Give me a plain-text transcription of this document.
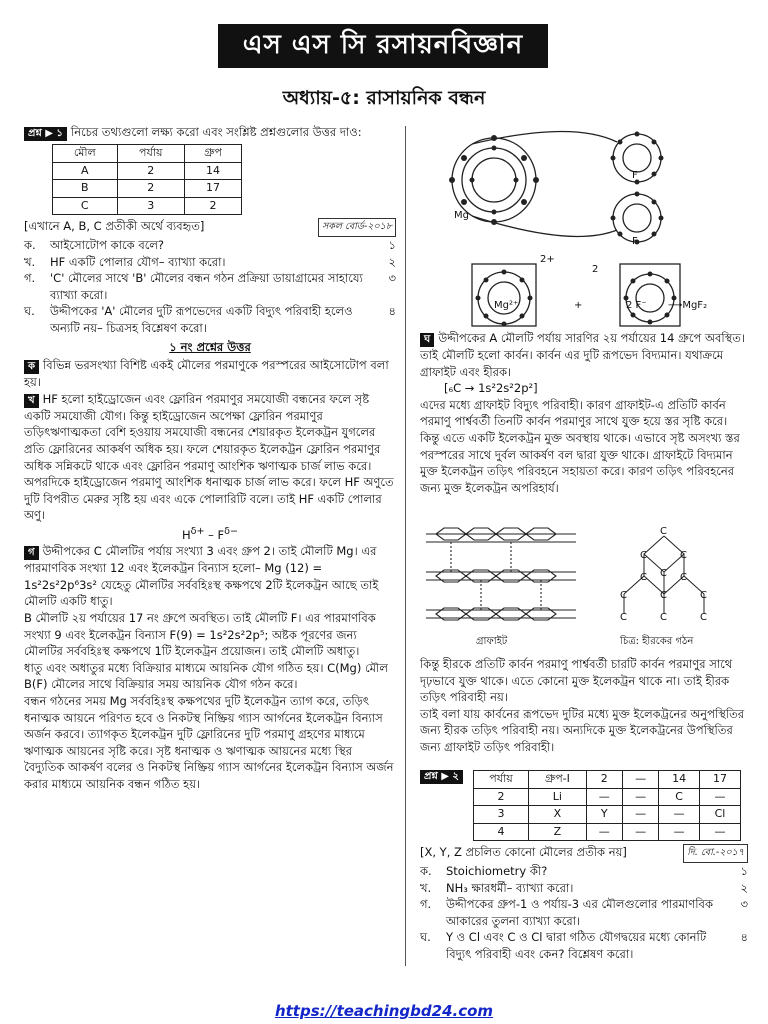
এস এস সি রসায়নবিজ্ঞান
অধ্যায়-৫: রাসায়নিক বন্ধন

প্রশ্ন ▶ ১ নিচের তথ্যগুলো লক্ষ্য করো এবং সংশ্লিষ্ট প্রশ্নগুলোর উত্তর দাও:

মৌল	পর্যায়	গ্রুপ
A	2	14
B	2	17
C	3	2

[এখানে A, B, C প্রতীকী অর্থে ব্যবহৃত]	সকল বোর্ড-২০১৮

ক.	আইসোটোপ কাকে বলে?	১
খ.	HF একটি পোলার যৌগ– ব্যাখ্যা করো।	২
গ.	'C' মৌলের সাথে 'B' মৌলের বন্ধন গঠন প্রক্রিয়া ডায়াগ্রামের সাহায্যে ব্যাখ্যা করো।
৩
ঘ.	উদ্দীপকের 'A' মৌলের দুটি রূপভেদের একটি বিদ্যুৎ পরিবাহী হলেও অন্যটি নয়– চিত্রসহ বিশ্লেষণ করো।
৪

১ নং প্রশ্নের উত্তর

ক বিভিন্ন ভরসংখ্যা বিশিষ্ট একই মৌলের পরমাণুকে পরস্পরের আইসোটোপ বলা হয়।

খ HF হলো হাইড্রোজেন এবং ফ্লোরিন পরমাণুর সমযোজী বন্ধনের ফলে সৃষ্ট একটি সমযোজী যৌগ। কিন্তু হাইড্রোজেন অপেক্ষা ফ্লোরিন পরমাণুর তড়িৎঋণাত্মকতা বেশি হওয়ায় সমযোজী বন্ধনের শেয়ারকৃত ইলেকট্রন যুগলের প্রতি ফ্লোরিনের আকর্ষণ অধিক হয়। ফলে শেয়ারকৃত ইলেকট্রন ফ্লোরিন পরমাণুর অধিক সন্নিকটে থাকে এবং ফ্লোরিন পরমাণু আংশিক ঋণাত্মক চার্জ লাভ করে। অপরদিকে হাইড্রোজেন পরমাণু আংশিক ধনাত্মক চার্জ লাভ করে। ফলে HF অণুতে দুটি বিপরীত মেরুর সৃষ্টি হয় এবং একে পোলারিটি বলে। তাই HF একটি পোলার অণু।

$H^{\delta+} - F^{\delta-}$

গ উদ্দীপকের C মৌলটির পর্যায় সংখ্যা 3 এবং গ্রুপ 2। তাই মৌলটি Mg। এর পারমাণবিক সংখ্যা 12 এবং ইলেকট্রন বিন্যাস হলো– Mg (12) = 1s²2s²2p⁶3s² যেহেতু মৌলটির সর্ববহিঃস্থ কক্ষপথে 2টি ইলেকট্রন আছে তাই মৌলটি একটি ধাতু।

B মৌলটি ২য় পর্যায়ের 17 নং গ্রুপে অবস্থিত। তাই মৌলটি F। এর পারমাণবিক সংখ্যা 9 এবং ইলেকট্রন বিন্যাস F(9) = 1s²2s²2p⁵; অষ্টক পূরণের জন্য মৌলটির সর্ববহিঃস্থ কক্ষপথে 1টি ইলেকট্রন প্রয়োজন। তাই মৌলটি অধাতু।

ধাতু এবং অধাতুর মধ্যে বিক্রিয়ার মাধ্যমে আয়নিক যৌগ গঠিত হয়। C(Mg) মৌল B(F) মৌলের সাথে বিক্রিয়ার সময় আয়নিক যৌগ গঠন করে।

বন্ধন গঠনের সময় Mg সর্ববহিঃস্থ কক্ষপথের দুটি ইলেকট্রন ত্যাগ করে, তড়িৎ ধনাত্মক আয়নে পরিণত হবে ও নিকটস্থ নিষ্ক্রিয় গ্যাস আর্গনের ইলেকট্রন বিন্যাস অর্জন করবে। ত্যাগকৃত ইলেকট্রন দুটি ফ্লোরিনের দুটি পরমাণু গ্রহণের মাধ্যমে ঋণাত্মক আয়নের সৃষ্টি করে। সৃষ্ট ধনাত্মক ও ঋণাত্মক আয়নের মধ্যে স্থির বৈদ্যুতিক আকর্ষণ বলের ও নিকটস্থ নিষ্ক্রিয় গ্যাস আর্গনের ইলেকট্রন বিন্যাস অর্জন করার মাধ্যমে আয়নিক বন্ধন গঠিত হয়।

Mg
F
F
2+
2
Mg²⁺	+	2 F⁻ ⟶MgF₂

ঘ উদ্দীপকের A মৌলটি পর্যায় সারণির ২য় পর্যায়ের 14 গ্রুপে অবস্থিত। তাই মৌলটি হলো কার্বন। কার্বন এর দুটি রূপভেদ বিদ্যমান। যথাক্রমে গ্রাফাইট এবং হীরক।

[₆C → 1s²2s²2p²]

এদের মধ্যে গ্রাফাইট বিদ্যুৎ পরিবাহী। কারণ গ্রাফাইট-এ প্রতিটি কার্বন পরমাণু পার্শ্ববর্তী তিনটি কার্বন পরমাণুর সাথে যুক্ত হয়ে স্তর সৃষ্টি করে। কিন্তু এতে একটি ইলেকট্রন মুক্ত অবস্থায় থাকে। এভাবে সৃষ্ট অসংখ্য স্তর পরস্পরের সাথে দুর্বল আকর্ষণ বল দ্বারা যুক্ত থাকে। গ্রাফাইটে বিদ্যমান মুক্ত ইলেকট্রন তড়িৎ পরিবহনে সহায়তা করে। কারণ তড়িৎ পরিবহনের জন্য মুক্ত ইলেকট্রন অপরিহার্য।

গ্রাফাইট
C
C	C
C
C	C
C	C	C
C	C	C
চিত্র: হীরকের গঠন

কিন্তু হীরকে প্রতিটি কার্বন পরমাণু পার্শ্ববর্তী চারটি কার্বন পরমাণুর সাথে দৃঢ়ভাবে যুক্ত থাকে। এতে কোনো মুক্ত ইলেকট্রন থাকে না। তাই হীরক তড়িৎ পরিবাহী নয়।

তাই বলা যায় কার্বনের রূপভেদ দুটির মধ্যে মুক্ত ইলেকট্রনের অনুপস্থিতির জন্য হীরক তড়িৎ পরিবাহী নয়। অন্যদিকে মুক্ত ইলেকট্রনের উপস্থিতির জন্য গ্রাফাইট তড়িৎ পরিবাহী।

প্রশ্ন ▶ ২	পর্যায়	গ্রুপ-I	2	—	14	17
2	Li	—	—	C	—
3	X	Y	—	—	Cl
4	Z	—	—	—	—

[X, Y, Z প্রচলিত কোনো মৌলের প্রতীক নয়]	দি. বো.-২০১৭

ক.	Stoichiometry কী?	১
খ.	NH₃ ক্ষারধর্মী– ব্যাখ্যা করো।	২
গ.	উদ্দীপকের গ্রুপ-1 ও পর্যায়-3 এর মৌলগুলোর পারমাণবিক আকারের তুলনা ব্যাখ্যা করো।
৩
ঘ.	Y ও Cl এবং C ও Cl দ্বারা গঠিত যৌগদ্বয়ের মধ্যে কোনটি বিদ্যুৎ পরিবাহী এবং কেন? বিশ্লেষণ করো।
৪
https://teachingbd24.com
